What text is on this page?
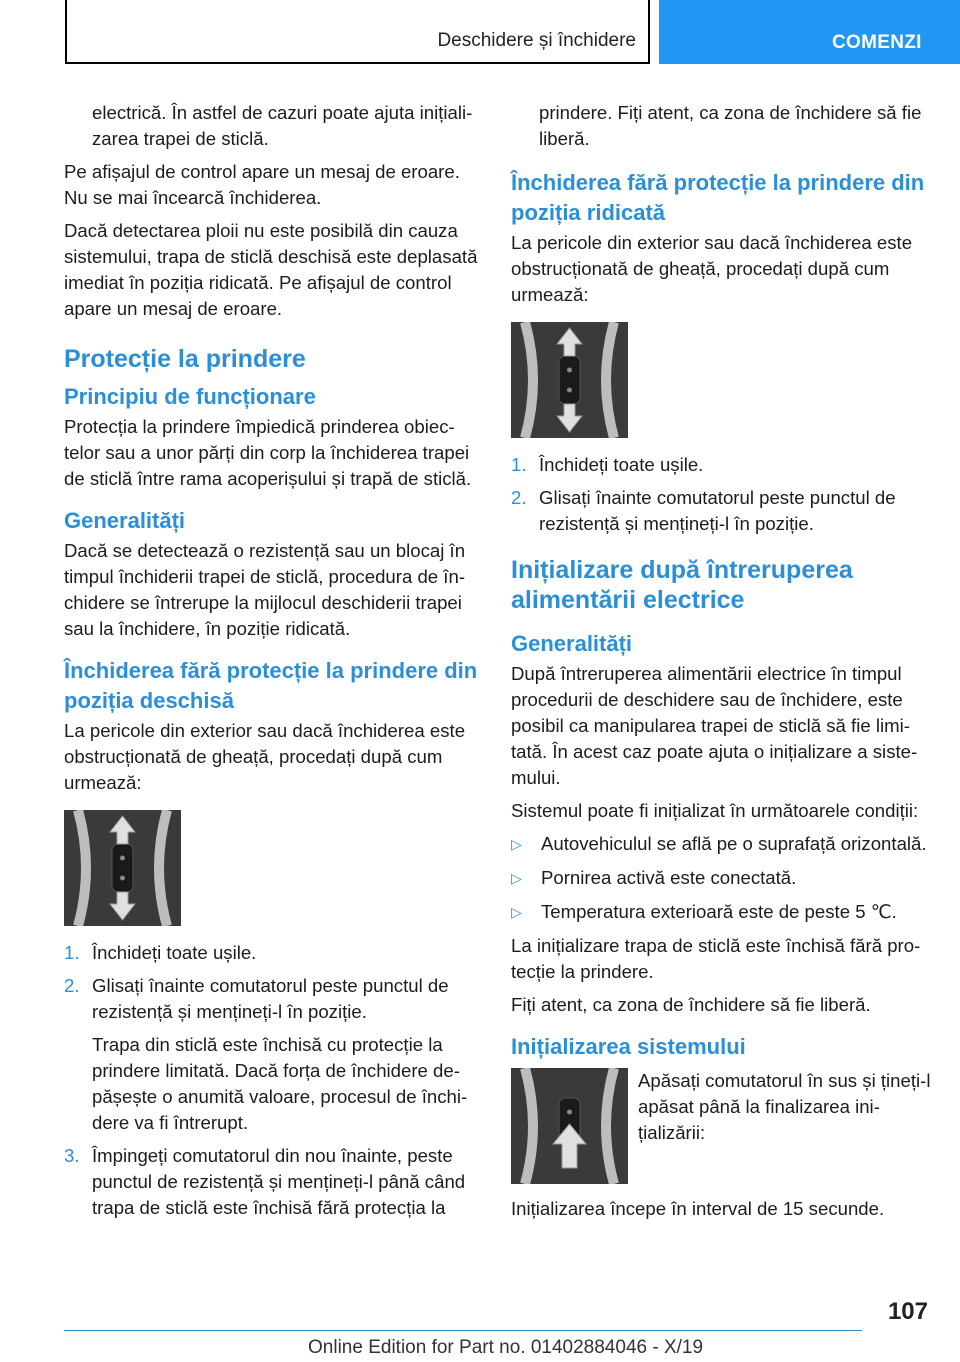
Deschidere și închidere	COMENZI

electrică. În astfel de cazuri poate ajuta inițializarea trapei de sticlă.

Pe afișajul de control apare un mesaj de eroare. Nu se mai încearcă închiderea.

Dacă detectarea ploii nu este posibilă din cauza sistemului, trapa de sticlă deschisă este deplasată imediat în poziția ridicată. Pe afișajul de control apare un mesaj de eroare.

Protecție la prindere
Principiu de funcționare

Protecția la prindere împiedică prinderea obiectelor sau a unor părți din corp la închiderea trapei de sticlă între rama acoperișului și trapă de sticlă.

Generalități

Dacă se detectează o rezistență sau un blocaj în timpul închiderii trapei de sticlă, procedura de închidere se întrerupe la mijlocul deschiderii trapei sau la închidere, în poziție ridicată.

Închiderea fără protecție la prindere din poziția deschisă

La pericole din exterior sau dacă închiderea este obstrucționată de gheață, procedați după cum urmează:

1. Închideți toate ușile.
2. Glisați înainte comutatorul peste punctul de rezistență și mențineți-l în poziție.

Trapa din sticlă este închisă cu protecție la prindere limitată. Dacă forța de închidere depășește o anumită valoare, procesul de închidere va fi întrerupt.

3. Împingeți comutatorul din nou înainte, peste punctul de rezistență și mențineți-l până când trapa de sticlă este închisă fără protecția la

prindere. Fiți atent, ca zona de închidere să fie liberă.

Închiderea fără protecție la prindere din poziția ridicată

La pericole din exterior sau dacă închiderea este obstrucționată de gheață, procedați după cum urmează:

1. Închideți toate ușile.
2. Glisați înainte comutatorul peste punctul de rezistență și mențineți-l în poziție.
Inițializare după întreruperea alimentării electrice
Generalități

După întreruperea alimentării electrice în timpul procedurii de deschidere sau de închidere, este posibil ca manipularea trapei de sticlă să fie limitată. În acest caz poate ajuta o inițializare a sistemului.

Sistemul poate fi inițializat în următoarele condiții:

▷ Autovehiculul se află pe o suprafață orizontală.
▷ Pornirea activă este conectată.
▷ Temperatura exterioară este de peste 5 ℃.

La inițializare trapa de sticlă este închisă fără protecție la prindere.

Fiți atent, ca zona de închidere să fie liberă.

Inițializarea sistemului

Apăsați comutatorul în sus și țineți-l apăsat până la finalizarea inițializării:

Inițializarea începe în interval de 15 secunde.

107
Online Edition for Part no. 01402884046 - X/19
